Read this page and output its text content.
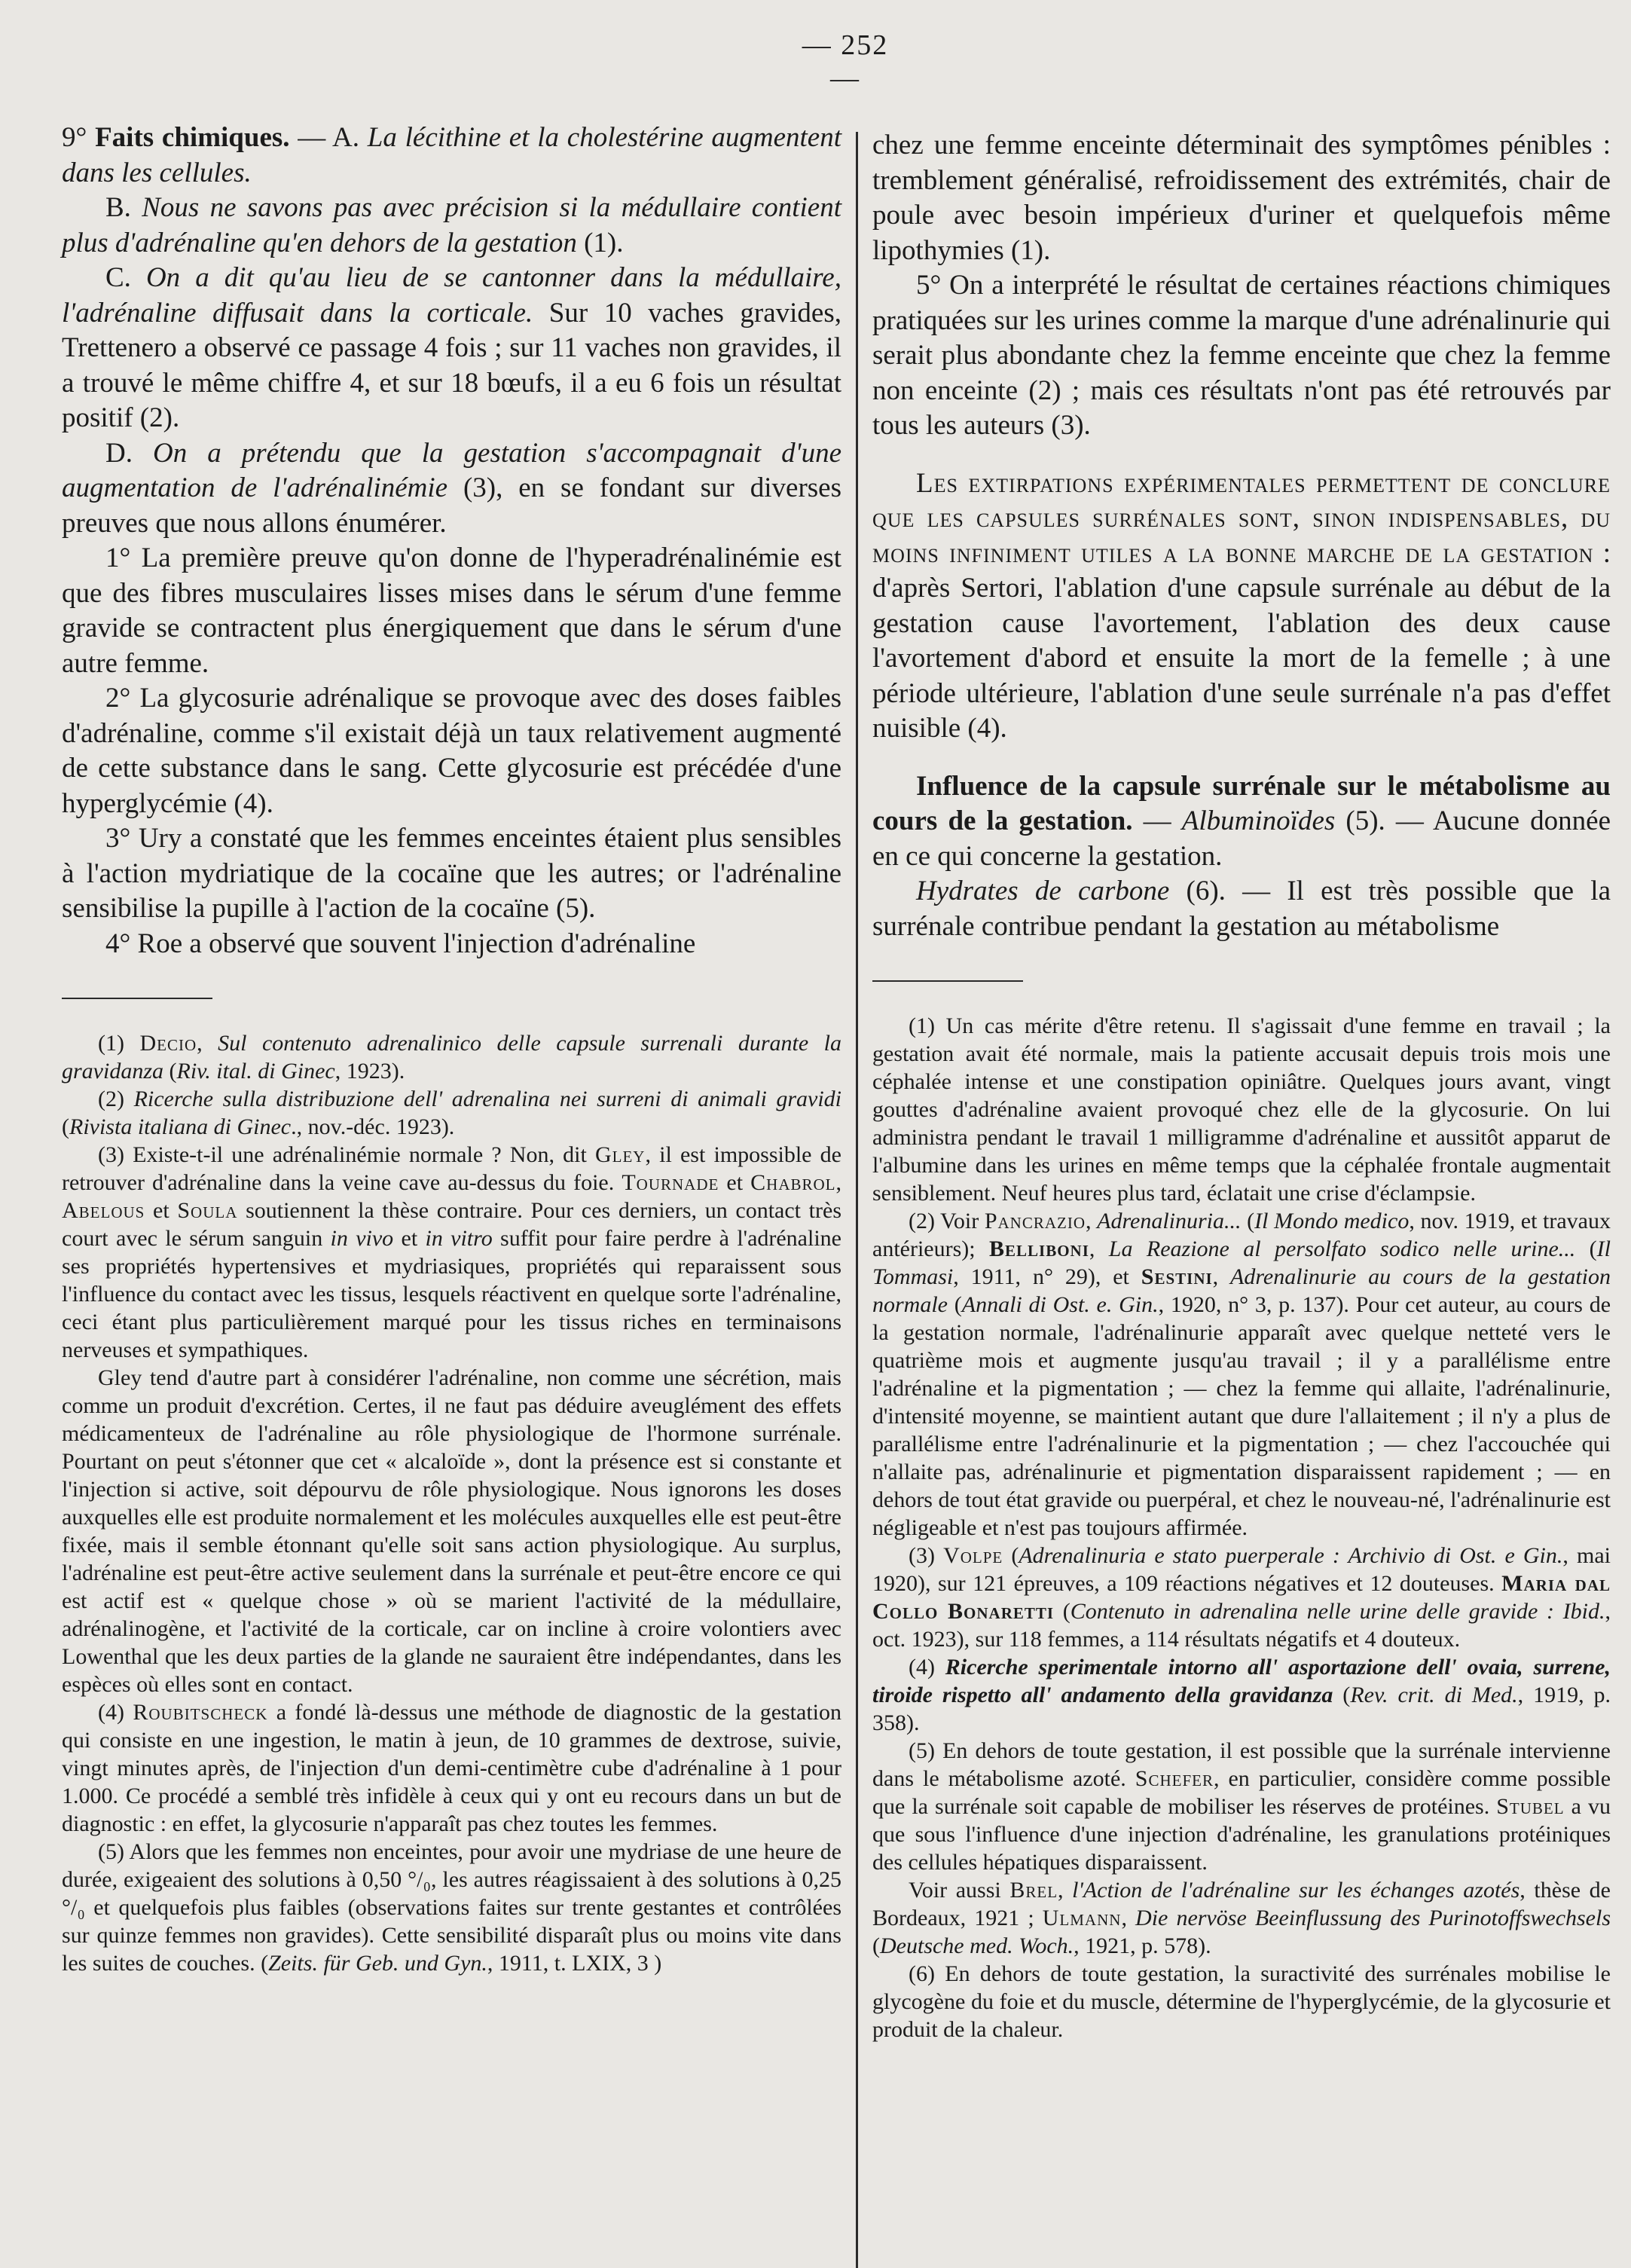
— 252 —

9° Faits chimiques. — A. La lécithine et la cholestérine augmentent dans les cellules.

B. Nous ne savons pas avec précision si la médullaire contient plus d'adrénaline qu'en dehors de la gestation (1).

C. On a dit qu'au lieu de se cantonner dans la médullaire, l'adrénaline diffusait dans la corticale. Sur 10 vaches gravides, Trettenero a observé ce passage 4 fois ; sur 11 vaches non gravides, il a trouvé le même chiffre 4, et sur 18 bœufs, il a eu 6 fois un résultat positif (2).

D. On a prétendu que la gestation s'accompagnait d'une augmentation de l'adrénalinémie (3), en se fondant sur diverses preuves que nous allons énumérer.

1° La première preuve qu'on donne de l'hyperadrénalinémie est que des fibres musculaires lisses mises dans le sérum d'une femme gravide se contractent plus énergiquement que dans le sérum d'une autre femme.

2° La glycosurie adrénalique se provoque avec des doses faibles d'adrénaline, comme s'il existait déjà un taux relativement augmenté de cette substance dans le sang. Cette glycosurie est précédée d'une hyperglycémie (4).

3° Ury a constaté que les femmes enceintes étaient plus sensibles à l'action mydriatique de la cocaïne que les autres; or l'adrénaline sensibilise la pupille à l'action de la cocaïne (5).

4° Roe a observé que souvent l'injection d'adrénaline

(1) Decio, Sul contenuto adrenalinico delle capsule surrenali durante la gravidanza (Riv. ital. di Ginec, 1923).

(2) Ricerche sulla distribuzione dell' adrenalina nei surreni di animali gravidi (Rivista italiana di Ginec., nov.-déc. 1923).

(3) Existe-t-il une adrénalinémie normale ? Non, dit Gley, il est impossible de retrouver d'adrénaline dans la veine cave au-dessus du foie. Tournade et Chabrol, Abelous et Soula soutiennent la thèse contraire. Pour ces derniers, un contact très court avec le sérum sanguin in vivo et in vitro suffit pour faire perdre à l'adrénaline ses propriétés hypertensives et mydriasiques, propriétés qui reparaissent sous l'influence du contact avec les tissus, lesquels réactivent en quelque sorte l'adrénaline, ceci étant plus particulièrement marqué pour les tissus riches en terminaisons nerveuses et sympathiques.

Gley tend d'autre part à considérer l'adrénaline, non comme une sécrétion, mais comme un produit d'excrétion. Certes, il ne faut pas déduire aveuglément des effets médicamenteux de l'adrénaline au rôle physiologique de l'hormone surrénale. Pourtant on peut s'étonner que cet « alcaloïde », dont la présence est si constante et l'injection si active, soit dépourvu de rôle physiologique. Nous ignorons les doses auxquelles elle est produite normalement et les molécules auxquelles elle est peut-être fixée, mais il semble étonnant qu'elle soit sans action physiologique. Au surplus, l'adrénaline est peut-être active seulement dans la surrénale et peut-être encore ce qui est actif est « quelque chose » où se marient l'activité de la médullaire, adrénalinogène, et l'activité de la corticale, car on incline à croire volontiers avec Lowenthal que les deux parties de la glande ne sauraient être indépendantes, dans les espèces où elles sont en contact.

(4) Roubitscheck a fondé là-dessus une méthode de diagnostic de la gestation qui consiste en une ingestion, le matin à jeun, de 10 grammes de dextrose, suivie, vingt minutes après, de l'injection d'un demi-centimètre cube d'adrénaline à 1 pour 1.000. Ce procédé a semblé très infidèle à ceux qui y ont eu recours dans un but de diagnostic : en effet, la glycosurie n'apparaît pas chez toutes les femmes.

(5) Alors que les femmes non enceintes, pour avoir une mydriase de une heure de durée, exigeaient des solutions à 0,50 °/₀, les autres réagissaient à des solutions à 0,25 °/₀ et quelquefois plus faibles (observations faites sur trente gestantes et contrôlées sur quinze femmes non gravides). Cette sensibilité disparaît plus ou moins vite dans les suites de couches. (Zeits. für Geb. und Gyn., 1911, t. LXIX, 3 )

chez une femme enceinte déterminait des symptômes pénibles : tremblement généralisé, refroidissement des extrémités, chair de poule avec besoin impérieux d'uriner et quelquefois même lipothymies (1).

5° On a interprété le résultat de certaines réactions chimiques pratiquées sur les urines comme la marque d'une adrénalinurie qui serait plus abondante chez la femme enceinte que chez la femme non enceinte (2) ; mais ces résultats n'ont pas été retrouvés par tous les auteurs (3).

Les extirpations expérimentales permettent de conclure que les capsules surrénales sont, sinon indispensables, du moins infiniment utiles a la bonne marche de la gestation : d'après Sertori, l'ablation d'une capsule surrénale au début de la gestation cause l'avortement, l'ablation des deux cause l'avortement d'abord et ensuite la mort de la femelle ; à une période ultérieure, l'ablation d'une seule surrénale n'a pas d'effet nuisible (4).

Influence de la capsule surrénale sur le métabolisme au cours de la gestation. — Albuminoïdes (5). — Aucune donnée en ce qui concerne la gestation.

Hydrates de carbone (6). — Il est très possible que la surrénale contribue pendant la gestation au métabolisme

(1) Un cas mérite d'être retenu. Il s'agissait d'une femme en travail ; la gestation avait été normale, mais la patiente accusait depuis trois mois une céphalée intense et une constipation opiniâtre. Quelques jours avant, vingt gouttes d'adrénaline avaient provoqué chez elle de la glycosurie. On lui administra pendant le travail 1 milligramme d'adrénaline et aussitôt apparut de l'albumine dans les urines en même temps que la céphalée frontale augmentait sensiblement. Neuf heures plus tard, éclatait une crise d'éclampsie.

(2) Voir Pancrazio, Adrenalinuria... (Il Mondo medico, nov. 1919, et travaux antérieurs); Belliboni, La Reazione al persolfato sodico nelle urine... (Il Tommasi, 1911, n° 29), et Sestini, Adrenalinurie au cours de la gestation normale (Annali di Ost. e. Gin., 1920, n° 3, p. 137). Pour cet auteur, au cours de la gestation normale, l'adrénalinurie apparaît avec quelque netteté vers le quatrième mois et augmente jusqu'au travail ; il y a parallélisme entre l'adrénaline et la pigmentation ; — chez la femme qui allaite, l'adrénalinurie, d'intensité moyenne, se maintient autant que dure l'allaitement ; il n'y a plus de parallélisme entre l'adrénalinurie et la pigmentation ; — chez l'accouchée qui n'allaite pas, adrénalinurie et pigmentation disparaissent rapidement ; — en dehors de tout état gravide ou puerpéral, et chez le nouveau-né, l'adrénalinurie est négligeable et n'est pas toujours affirmée.

(3) Volpe (Adrenalinuria e stato puerperale : Archivio di Ost. e Gin., mai 1920), sur 121 épreuves, a 109 réactions négatives et 12 douteuses. Maria dal Collo Bonaretti (Contenuto in adrenalina nelle urine delle gravide : Ibid., oct. 1923), sur 118 femmes, a 114 résultats négatifs et 4 douteux.

(4) Ricerche sperimentale intorno all' asportazione dell' ovaia, surrene, tiroide rispetto all' andamento della gravidanza (Rev. crit. di Med., 1919, p. 358).

(5) En dehors de toute gestation, il est possible que la surrénale intervienne dans le métabolisme azoté. Schefer, en particulier, considère comme possible que la surrénale soit capable de mobiliser les réserves de protéines. Stubel a vu que sous l'influence d'une injection d'adrénaline, les granulations protéiniques des cellules hépatiques disparaissent.

Voir aussi Brel, l'Action de l'adrénaline sur les échanges azotés, thèse de Bordeaux, 1921 ; Ulmann, Die nervöse Beeinflussung des Purinotoffswechsels (Deutsche med. Woch., 1921, p. 578).

(6) En dehors de toute gestation, la suractivité des surrénales mobilise le glycogène du foie et du muscle, détermine de l'hyperglycémie, de la glycosurie et produit de la chaleur.
